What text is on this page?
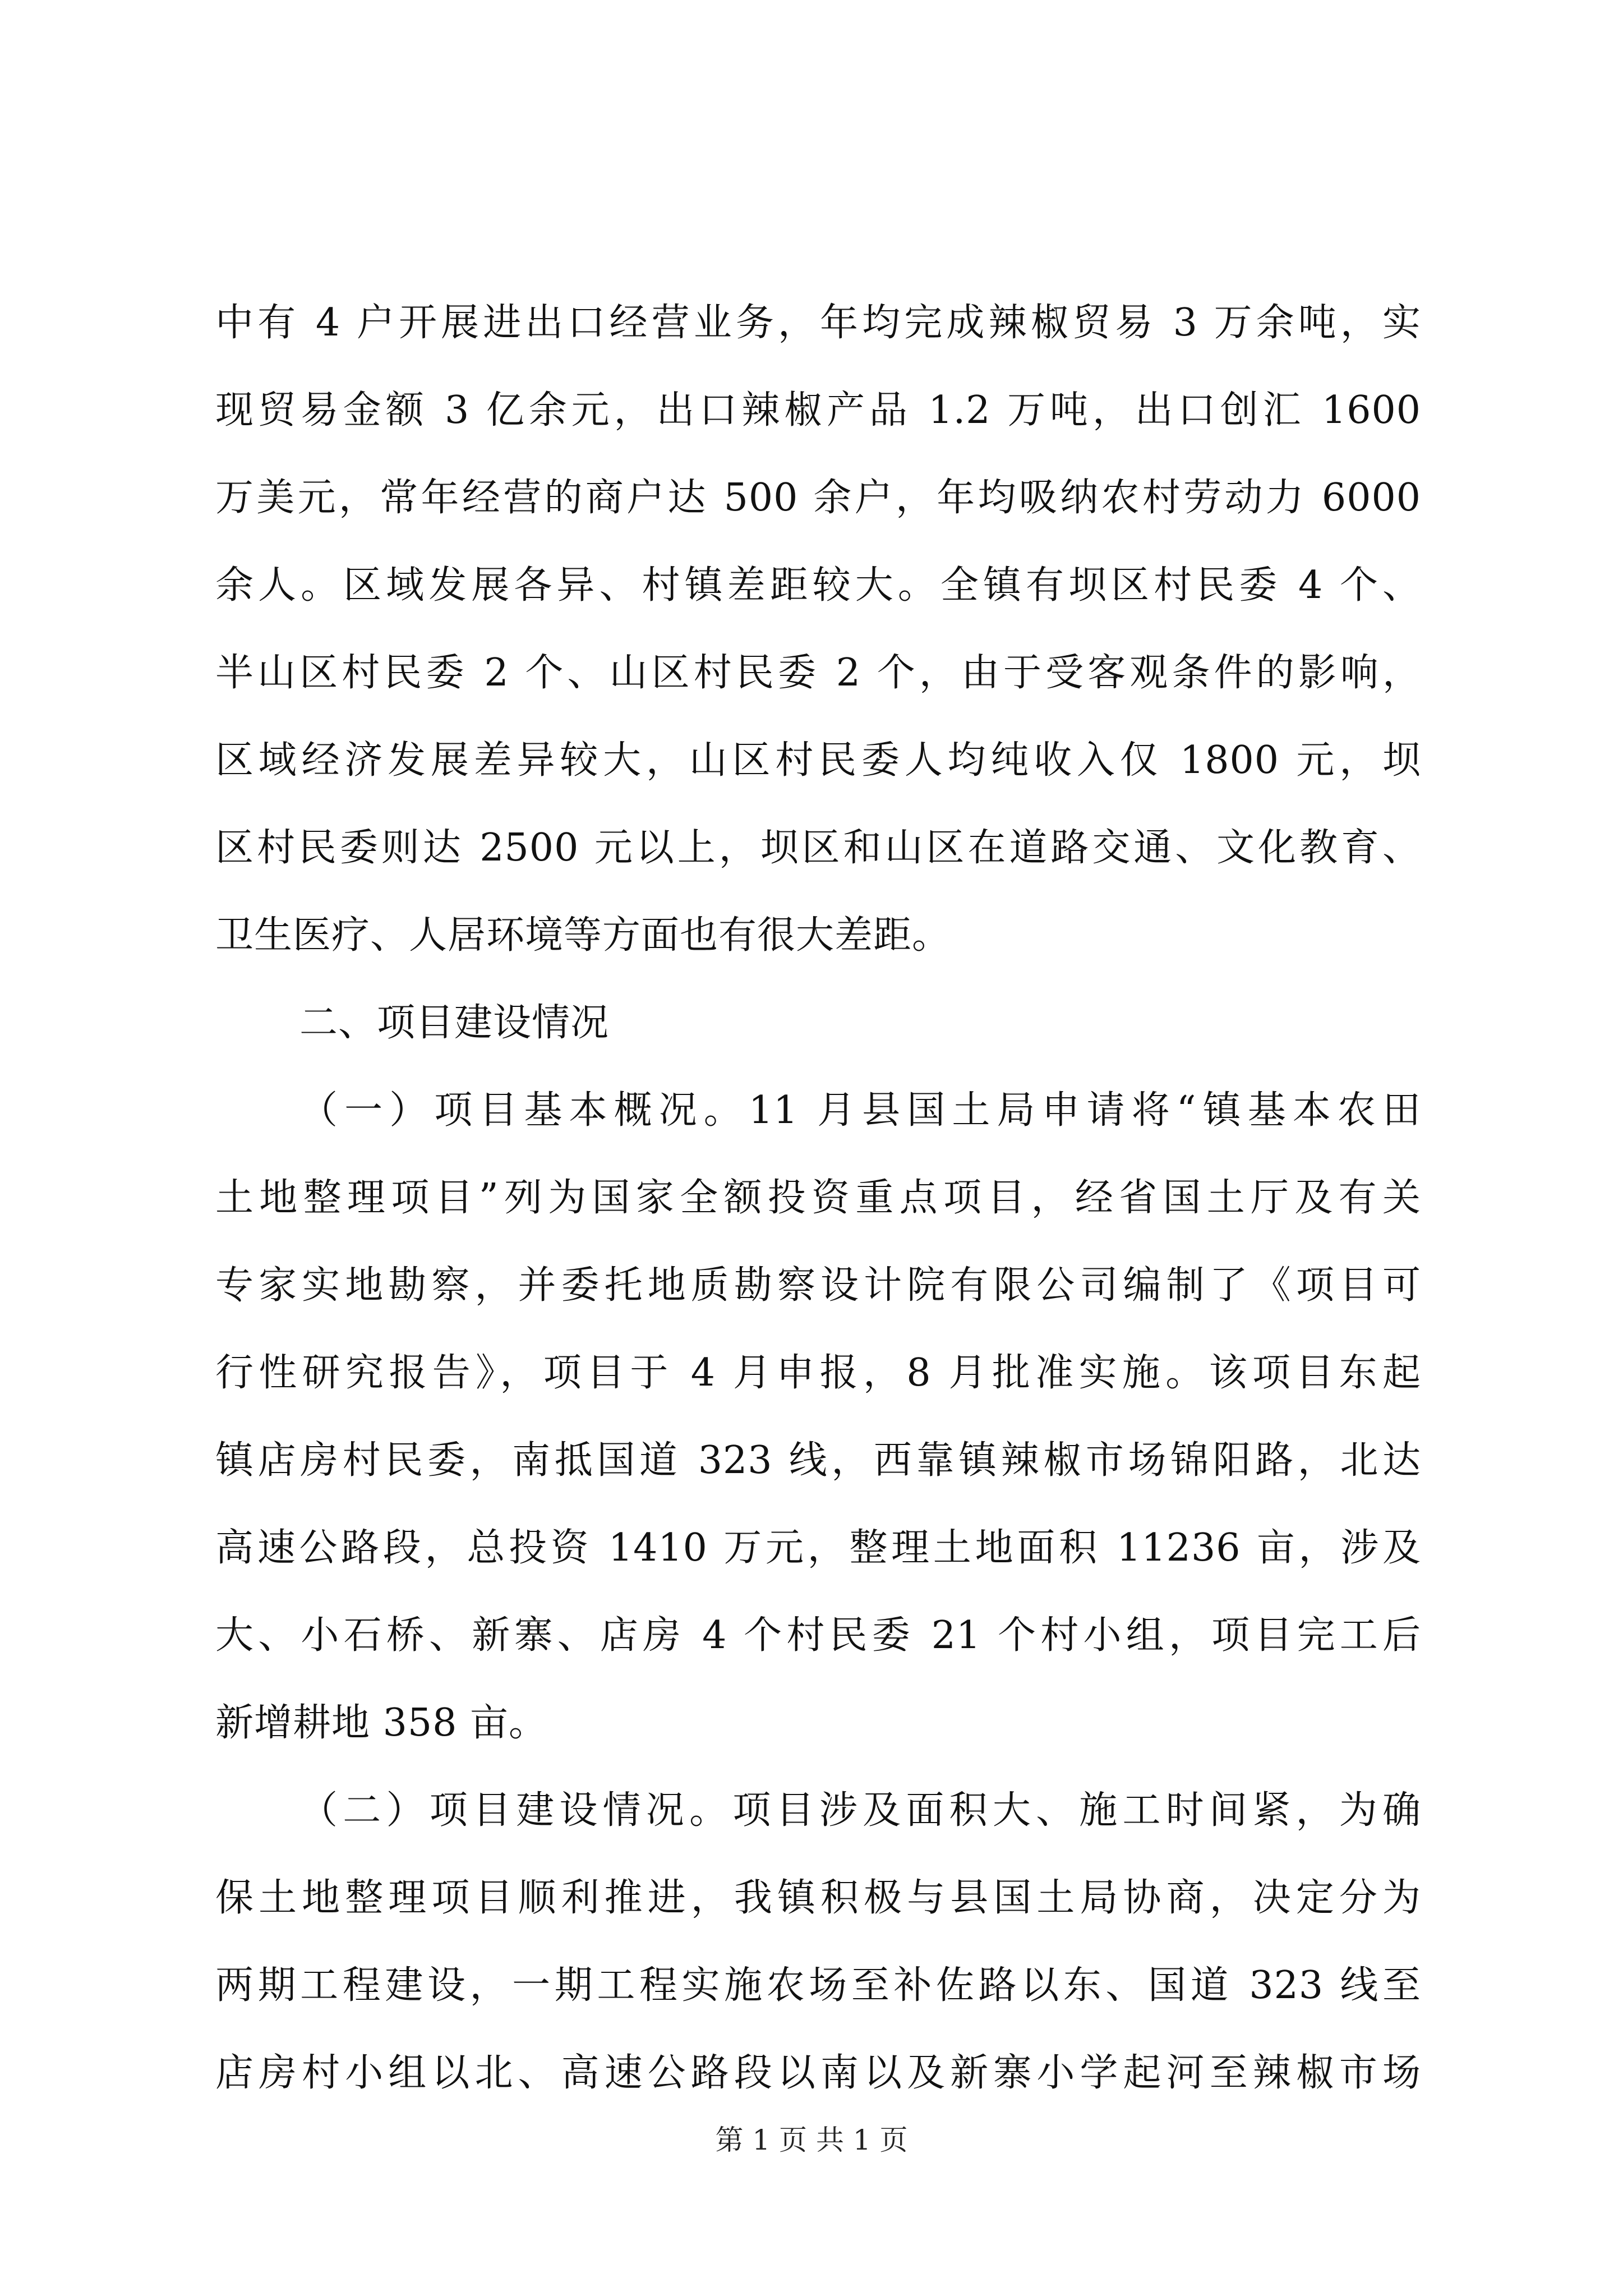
中有 4 户开展进出口经营业务，年均完成辣椒贸易 3 万余吨，实
现贸易金额 3 亿余元，出口辣椒产品 1.2 万吨，出口创汇 1600
万美元，常年经营的商户达 500 余户，年均吸纳农村劳动力 6000
余人。区域发展各异、村镇差距较大。全镇有坝区村民委 4 个、
半山区村民委 2 个、山区村民委 2 个，由于受客观条件的影响，
区域经济发展差异较大，山区村民委人均纯收入仅 1800 元，坝
区村民委则达 2500 元以上，坝区和山区在道路交通、文化教育、
卫生医疗、人居环境等方面也有很大差距。
二、项目建设情况
（一）项目基本概况。11 月县国土局申请将“镇基本农田
土地整理项目”列为国家全额投资重点项目，经省国土厅及有关
专家实地勘察，并委托地质勘察设计院有限公司编制了《项目可
行性研究报告》，项目于 4 月申报，8 月批准实施。该项目东起
镇店房村民委，南抵国道 323 线，西靠镇辣椒市场锦阳路，北达
高速公路段，总投资 1410 万元，整理土地面积 11236 亩，涉及
大、小石桥、新寨、店房 4 个村民委 21 个村小组，项目完工后
新增耕地 358 亩。
（二）项目建设情况。项目涉及面积大、施工时间紧，为确
保土地整理项目顺利推进，我镇积极与县国土局协商，决定分为
两期工程建设，一期工程实施农场至补佐路以东、国道 323 线至
店房村小组以北、高速公路段以南以及新寨小学起河至辣椒市场
第 1 页 共 1 页
